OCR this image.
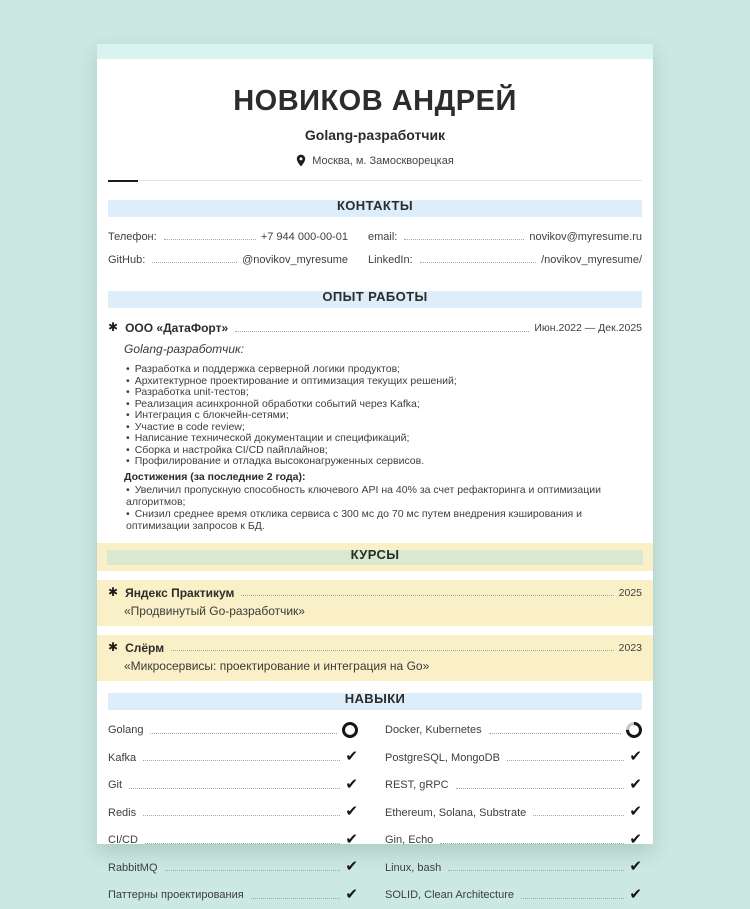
НОВИКОВ АНДРЕЙ
Golang-разработчик
Москва, м. Замоскворецкая
КОНТАКТЫ
Телефон:	+7 944 000-00-01 email:	novikov@myresume.ru
GitHub:	@novikov_myresume LinkedIn:	/novikov_myresume/
ОПЫТ РАБОТЫ
✱ ООО «ДатаФорт»	Июн.2022 — Дек.2025
Golang-разработчик:
• Разработка и поддержка серверной логики продуктов;
• Архитектурное проектирование и оптимизация текущих решений;
• Разработка unit-тестов;
• Реализация асинхронной обработки событий через Kafka;
• Интеграция с блокчейн-сетями;
• Участие в code review;
• Написание технической документации и спецификаций;
• Сборка и настройка CI/CD пайплайнов;
• Профилирование и отладка высоконагруженных сервисов.
Достижения (за последние 2 года):
• Увеличил пропускную способность ключевого API на 40% за счет рефакторинга и оптимизации алгоритмов;
• Снизил среднее время отклика сервиса с 300 мс до 70 мс путем внедрения кэширования и оптимизации запросов к БД.
КУРСЫ
✱ Яндекс Практикум	2025
«Продвинутый Go-разработчик»
✱ Слёрм	2023
«Микросервисы: проектирование и интеграция на Go»
НАВЫКИ
Golang
Kafka	✔
Git	✔
Redis	✔
CI/CD	✔
RabbitMQ	✔
Паттерны проектирования	✔
Docker, Kubernetes
PostgreSQL, MongoDB	✔
REST, gRPC	✔
Ethereum, Solana, Substrate	✔
Gin, Echo	✔
Linux, bash	✔
SOLID, Clean Architecture	✔
